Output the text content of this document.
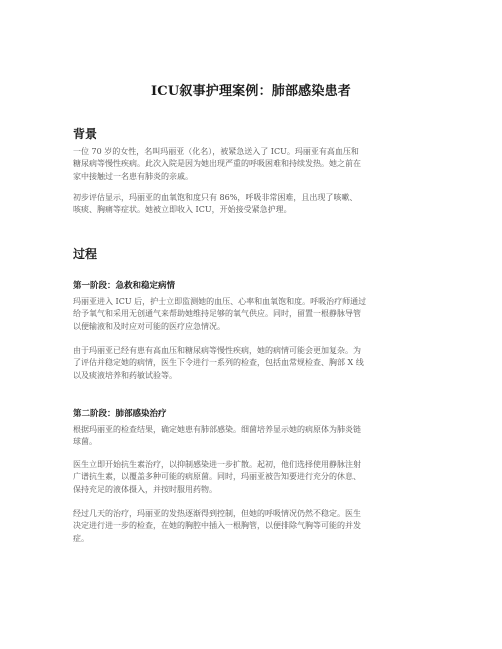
ICU叙事护理案例：肺部感染患者
背景
一位 70 岁的女性，名叫玛丽亚（化名），被紧急送入了 ICU。玛丽亚有高血压和
糖尿病等慢性疾病。此次入院是因为她出现严重的呼吸困难和持续发热。她之前在
家中接触过一名患有肺炎的亲戚。
初步评估显示，玛丽亚的血氧饱和度只有 86%，呼吸非常困难，且出现了咳嗽、
咳痰、胸痛等症状。她被立即收入 ICU，开始接受紧急护理。
过程
第一阶段：急救和稳定病情
玛丽亚进入 ICU 后，护士立即监测她的血压、心率和血氧饱和度。呼吸治疗师通过
给予氧气和采用无创通气来帮助她维持足够的氧气供应。同时，留置一根静脉导管
以便输液和及时应对可能的医疗应急情况。
由于玛丽亚已经有患有高血压和糖尿病等慢性疾病，她的病情可能会更加复杂。为
了评估并稳定她的病情，医生下令进行一系列的检查，包括血常规检查、胸部 X 线
以及痰液培养和药敏试验等。
第二阶段：肺部感染治疗
根据玛丽亚的检查结果，确定她患有肺部感染。细菌培养显示她的病原体为肺炎链
球菌。
医生立即开始抗生素治疗，以抑制感染进一步扩散。起初，他们选择使用静脉注射
广谱抗生素，以覆盖多种可能的病原菌。同时，玛丽亚被告知要进行充分的休息、
保持充足的液体摄入，并按时服用药物。
经过几天的治疗，玛丽亚的发热逐渐得到控制，但她的呼吸情况仍然不稳定。医生
决定进行进一步的检查，在她的胸腔中插入一根胸管，以便排除气胸等可能的并发
症。
